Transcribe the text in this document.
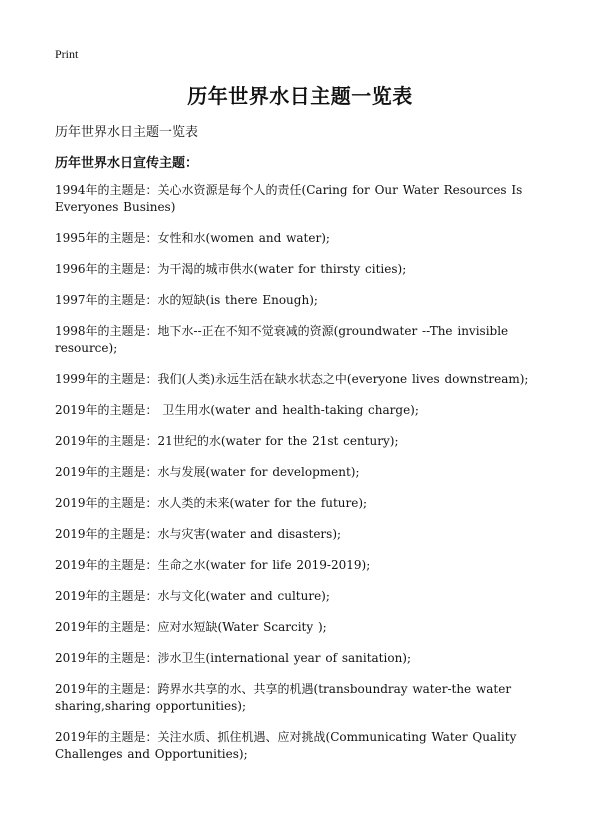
Print
历年世界水日主题一览表
历年世界水日主题一览表
历年世界水日宣传主题：
1994年的主题是：关心水资源是每个人的责任(Caring for Our Water Resources Is Everyones Busines)
1995年的主题是：女性和水(women and water);
1996年的主题是：为干渴的城市供水(water for thirsty cities);
1997年的主题是：水的短缺(is there Enough);
1998年的主题是：地下水--正在不知不觉衰减的资源(groundwater --The invisible resource);
1999年的主题是：我们(人类)永远生活在缺水状态之中(everyone lives downstream);
2019年的主题是： 卫生用水(water and health-taking charge);
2019年的主题是：21世纪的水(water for the 21st century);
2019年的主题是：水与发展(water for development);
2019年的主题是：水人类的未来(water for the future);
2019年的主题是：水与灾害(water and disasters);
2019年的主题是：生命之水(water for life 2019-2019);
2019年的主题是：水与文化(water and culture);
2019年的主题是：应对水短缺(Water Scarcity );
2019年的主题是：涉水卫生(international year of sanitation);
2019年的主题是：跨界水共享的水、共享的机遇(transboundray water-the water sharing,sharing opportunities);
2019年的主题是：关注水质、抓住机遇、应对挑战(Communicating Water Quality Challenges and Opportunities);
